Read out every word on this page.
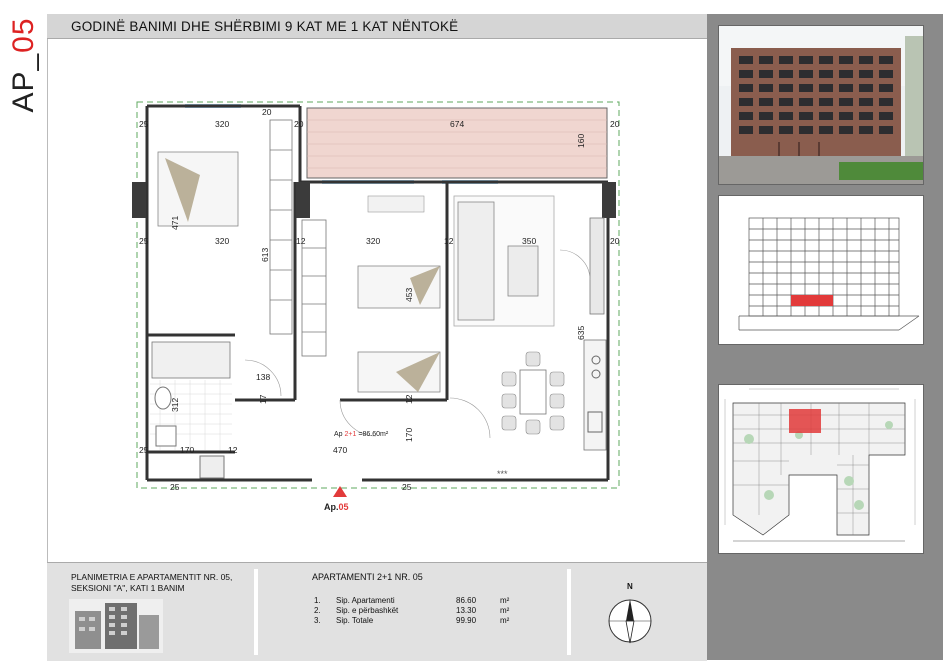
AP_05 GODINË BANIMI DHE SHËRBIMI 9 KAT ME 1 KAT NËNTOKË
25	320
20
20	674	20
25	320	12	320	12	350	20
25	170	12	470
25	25
138
160
471
613
453
635
312
170
17	12
Ap 2+1 =86.60m²
***
Ap.05
PLANIMETRIA E APARTAMENTIT NR. 05,
SEKSIONI "A", KATI 1 BANIM
APARTAMENTI 2+1 NR. 05
1. Sip. Apartamenti	86.60	m²
2. Sip. e përbashkët	13.30	m²
3. Sip. Totale	99.90	m²
N
